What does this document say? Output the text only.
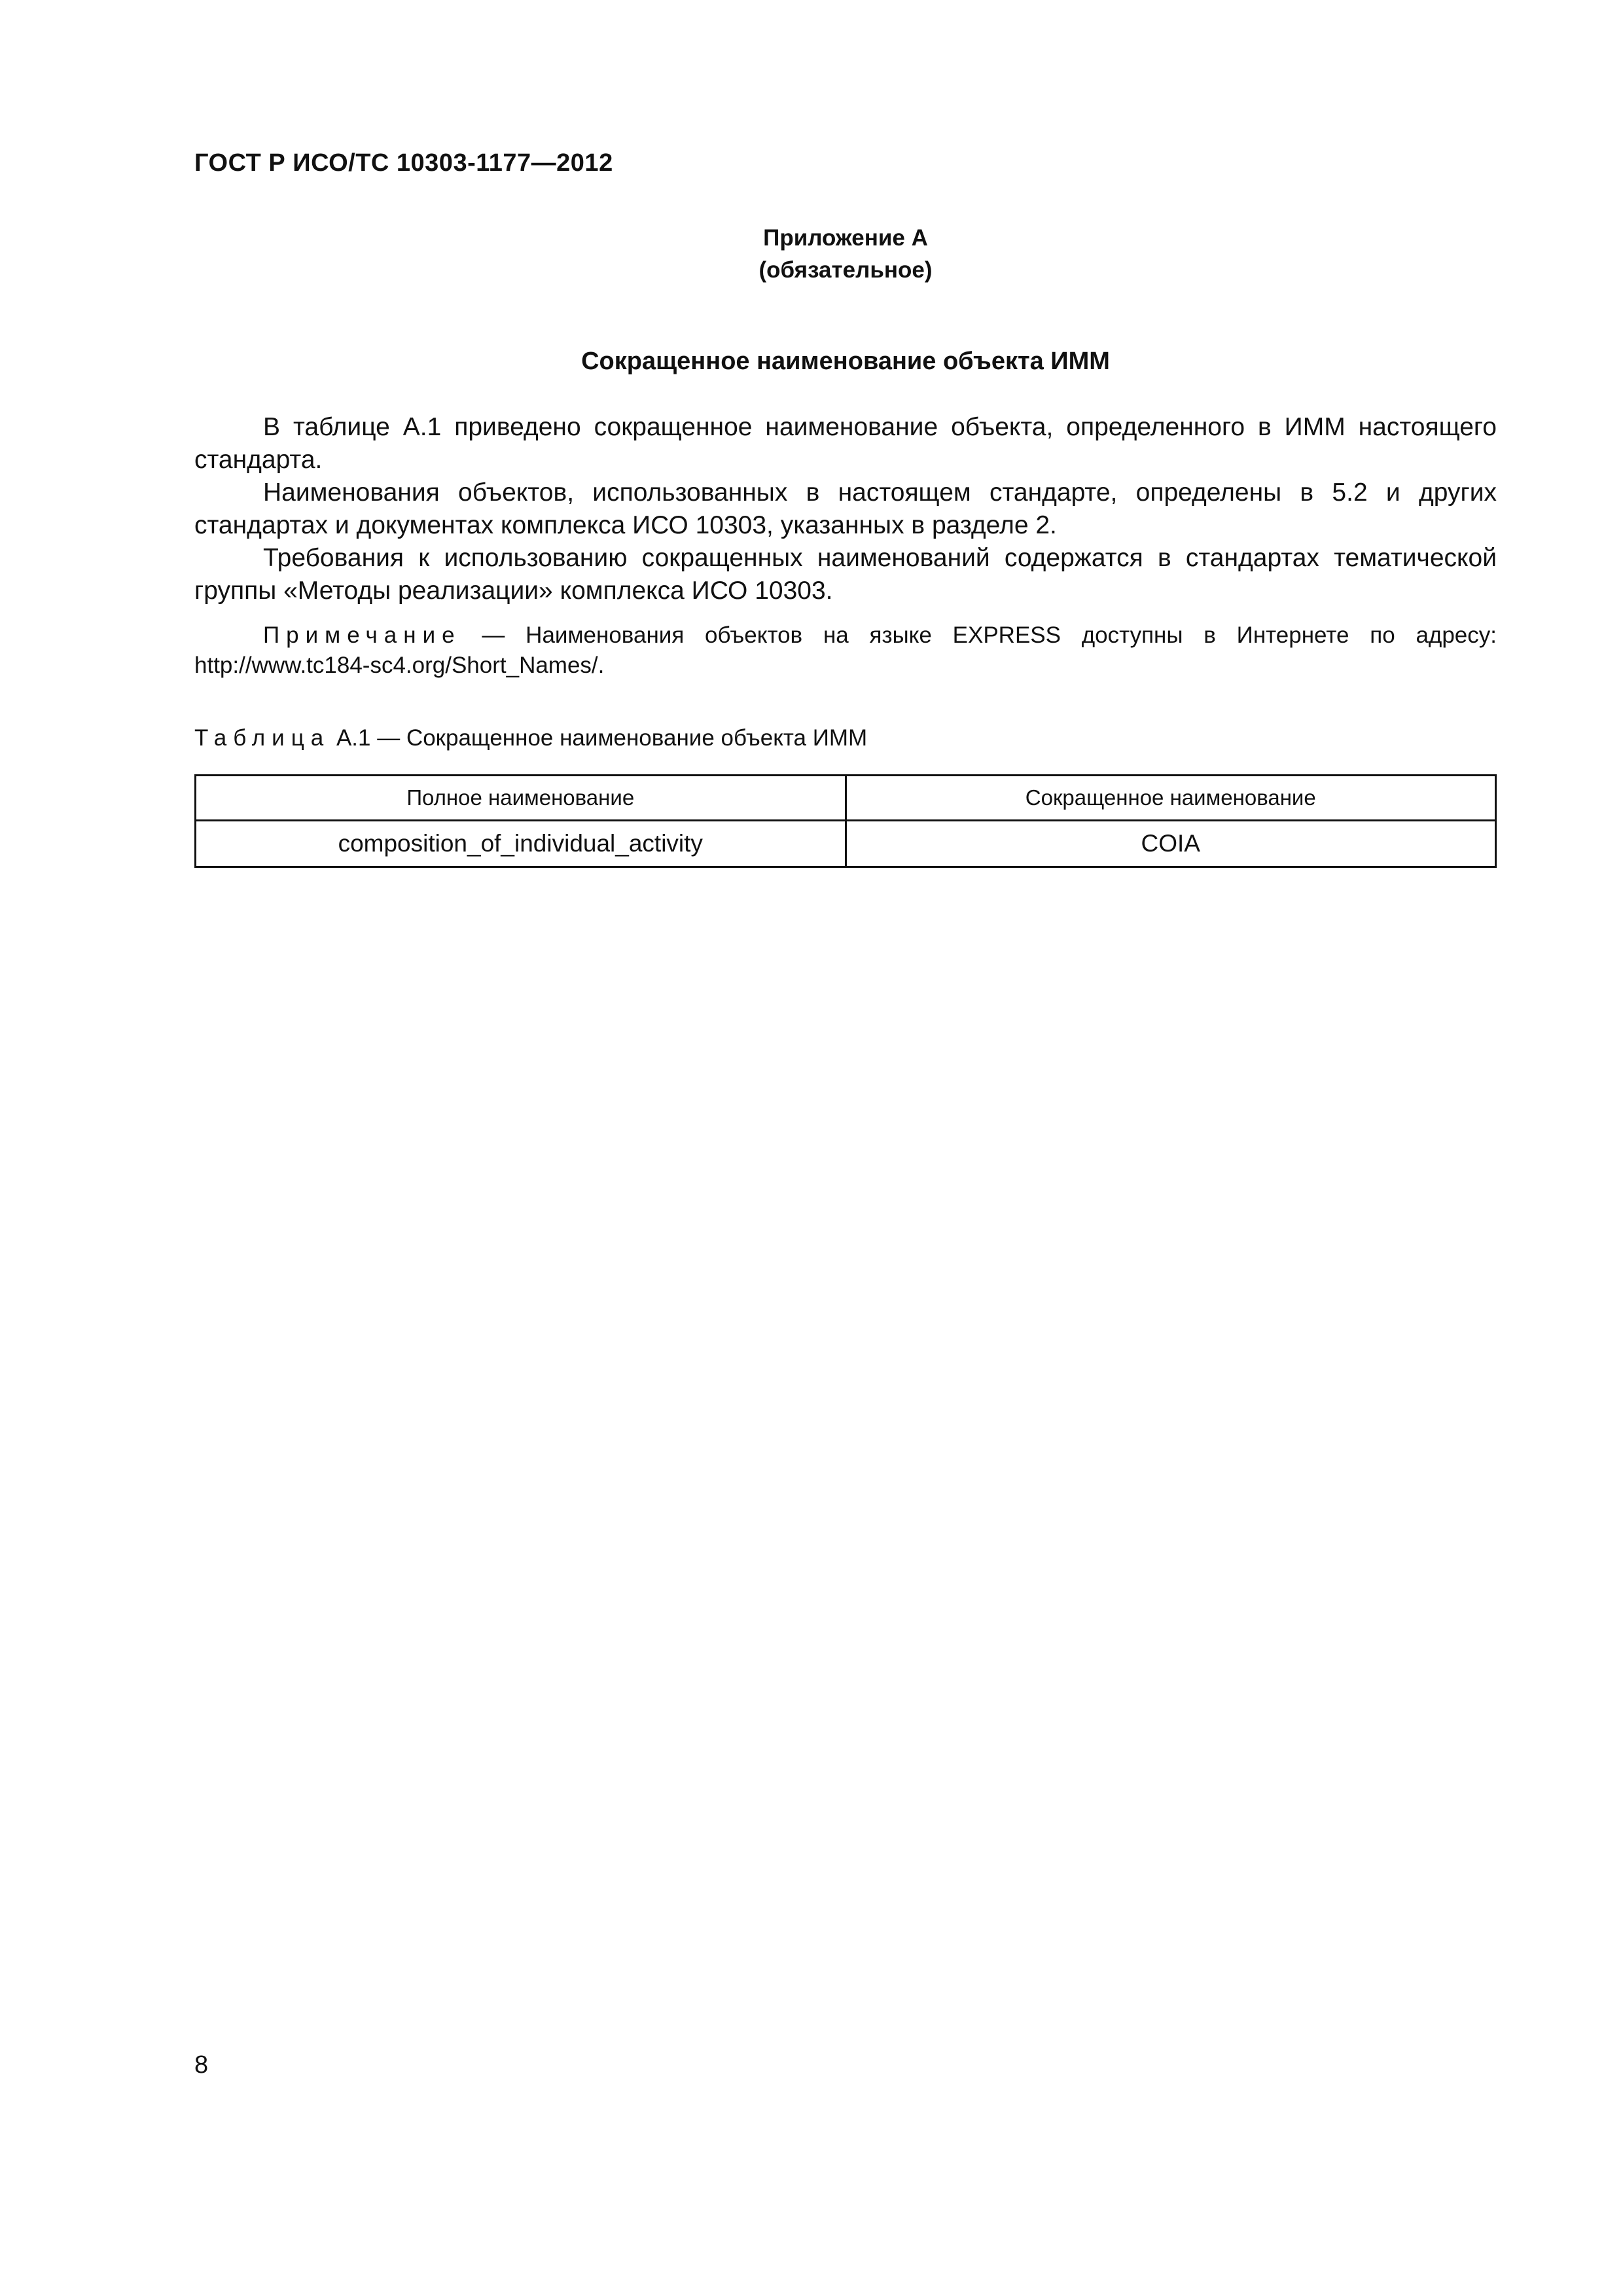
ГОСТ Р ИСО/ТС 10303-1177—2012
Приложение А
(обязательное)
Сокращенное наименование объекта ИММ

В таблице А.1 приведено сокращенное наименование объекта, определенного в ИММ настоящего стандарта.

Наименования объектов, использованных в настоящем стандарте, определены в 5.2 и других стандартах и документах комплекса ИСО 10303, указанных в разделе 2.

Требования к использованию сокращенных наименований содержатся в стандартах тематической группы «Методы реализации» комплекса ИСО 10303.

Примечание — Наименования объектов на языке EXPRESS доступны в Интернете по адресу: http://www.tc184-sc4.org/Short_Names/.

Таблица А.1 — Сокращенное наименование объекта ИММ

Полное наименование	Сокращенное наименование
composition_of_individual_activity	COIA
8
